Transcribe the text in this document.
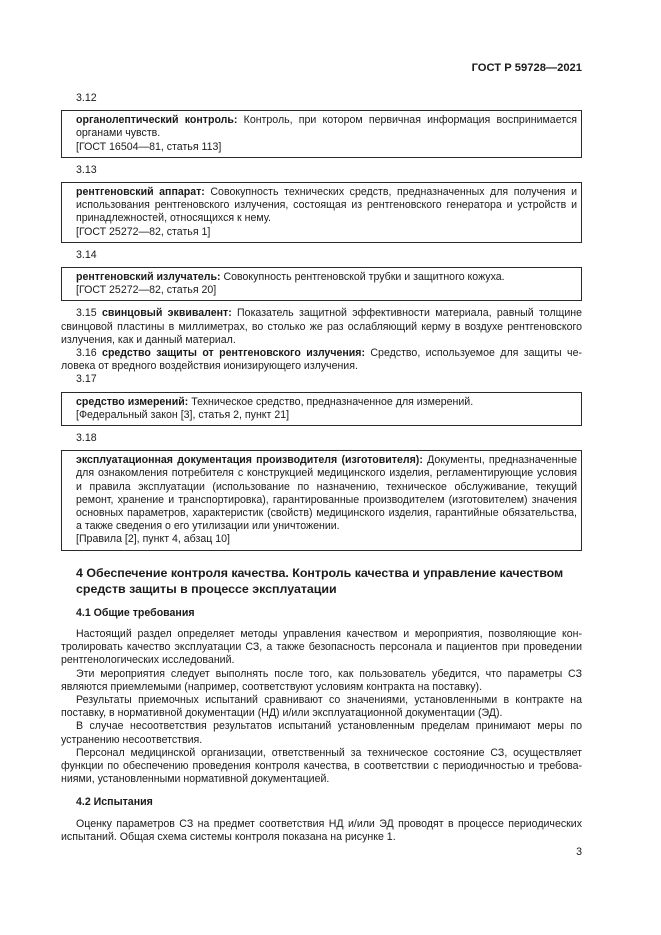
ГОСТ Р 59728—2021

3.12

органолептический контроль: Контроль, при котором первичная информация воспринимается органами чувств.

[ГОСТ 16504—81, статья 113]

3.13

рентгеновский аппарат: Совокупность технических средств, предназначенных для получения и использования рентгеновского излучения, состоящая из рентгеновского генератора и устройств и принадлежностей, относящихся к нему.

[ГОСТ 25272—82, статья 1]

3.14

рентгеновский излучатель: Совокупность рентгеновской трубки и защитного кожуха.

[ГОСТ 25272—82, статья 20]

3.15 свинцовый эквивалент: Показатель защитной эффективности материала, равный толщине свинцовой пластины в миллиметрах, во столько же раз ослабляющий керму в воздухе рентгеновского излучения, как и данный материал.

3.16 средство защиты от рентгеновского излучения: Средство, используемое для защиты человека от вредного воздействия ионизирующего излучения.

3.17

средство измерений: Техническое средство, предназначенное для измерений.

[Федеральный закон [3], статья 2, пункт 21]

3.18

эксплуатационная документация производителя (изготовителя): Документы, предназначенные для ознакомления потребителя с конструкцией медицинского изделия, регламентирующие условия и правила эксплуатации (использование по назначению, техническое обслуживание, текущий ремонт, хранение и транспортировка), гарантированные производителем (изготовителем) значения основных параметров, характеристик (свойств) медицинского изделия, гарантийные обязательства, а также сведения о его утилизации или уничтожении.

[Правила [2], пункт 4, абзац 10]

4 Обеспечение контроля качества. Контроль качества и управление качеством средств защиты в процессе эксплуатации
4.1 Общие требования

Настоящий раздел определяет методы управления качеством и мероприятия, позволяющие контролировать качество эксплуатации СЗ, а также безопасность персонала и пациентов при проведении рентгенологических исследований.

Эти мероприятия следует выполнять после того, как пользователь убедится, что параметры СЗ являются приемлемыми (например, соответствуют условиям контракта на поставку).

Результаты приемочных испытаний сравнивают со значениями, установленными в контракте на поставку, в нормативной документации (НД) и/или эксплуатационной документации (ЭД).

В случае несоответствия результатов испытаний установленным пределам принимают меры по устранению несоответствия.

Персонал медицинской организации, ответственный за техническое состояние СЗ, осуществляет функции по обеспечению проведения контроля качества, в соответствии с периодичностью и требованиями, установленными нормативной документацией.

4.2 Испытания

Оценку параметров СЗ на предмет соответствия НД и/или ЭД проводят в процессе периодических испытаний. Общая схема системы контроля показана на рисунке 1.

3
